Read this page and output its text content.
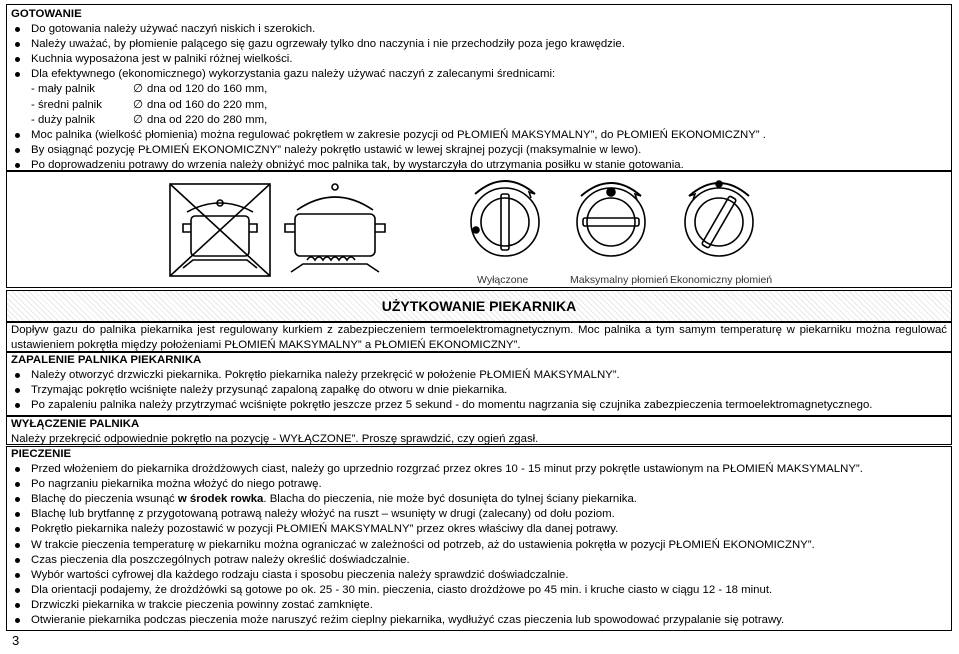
GOTOWANIE
Do gotowania należy używać naczyń niskich i szerokich.
Należy uważać, by płomienie palącego się gazu ogrzewały tylko dno naczynia i nie przechodziły poza jego krawędzie.
Kuchnia wyposażona jest w palniki różnej wielkości.
Dla efektywnego (ekonomicznego) wykorzystania gazu należy używać naczyń z zalecanymi średnicami:
- mały palnik	∅ dna od 120 do 160 mm,
- średni palnik	∅ dna od 160 do 220 mm,
- duży palnik	∅ dna od 220 do 280 mm,
Moc palnika (wielkość płomienia) można regulować pokrętłem w zakresie pozycji od PŁOMIEŃ MAKSYMALNY”, do PŁOMIEŃ EKONOMICZNY” .
By osiągnąć pozycję PŁOMIEŃ EKONOMICZNY” należy pokrętło ustawić w lewej skrajnej pozycji (maksymalnie w lewo).
Po doprowadzeniu potrawy do wrzenia należy obniżyć moc palnika tak, by wystarczyła do utrzymania posiłku w stanie gotowania.
Wyłączone	Maksymalny płomień Ekonomiczny płomień
UŻYTKOWANIE PIEKARNIKA
Dopływ gazu do palnika piekarnika jest regulowany kurkiem z zabezpieczeniem termoelektromagnetycznym. Moc palnika a tym samym temperaturę w piekarniku można regulować ustawieniem pokrętła między położeniami PŁOMIEŃ MAKSYMALNY” a PŁOMIEŃ EKONOMICZNY”.
ZAPALENIE PALNIKA PIEKARNIKA
Należy otworzyć drzwiczki piekarnika. Pokrętło piekarnika należy przekręcić w położenie PŁOMIEŃ MAKSYMALNY”.
Trzymając pokrętło wciśnięte należy przysunąć zapaloną zapałkę do otworu w dnie piekarnika.
Po zapaleniu palnika należy przytrzymać wciśnięte pokrętło jeszcze przez 5 sekund - do momentu nagrzania się czujnika zabezpieczenia termoelektromagnetycznego.
WYŁĄCZENIE PALNIKA
Należy przekręcić odpowiednie pokrętło na pozycję - WYŁĄCZONE”. Proszę sprawdzić, czy ogień zgasł.
PIECZENIE
Przed włożeniem do piekarnika drożdżowych ciast, należy go uprzednio rozgrzać przez okres 10 - 15 minut przy pokrętle ustawionym na PŁOMIEŃ MAKSYMALNY”.
Po nagrzaniu piekarnika można włożyć do niego potrawę.
Blachę do pieczenia wsunąć w środek rowka. Blacha do pieczenia, nie może być dosunięta do tylnej ściany piekarnika.
Blachę lub brytfannę z przygotowaną potrawą należy włożyć na ruszt – wsunięty w drugi (zalecany) od dołu poziom.
Pokrętło piekarnika należy pozostawić w pozycji PŁOMIEŃ MAKSYMALNY” przez okres właściwy dla danej potrawy.
W trakcie pieczenia temperaturę w piekarniku można ograniczać w zależności od potrzeb, aż do ustawienia pokrętła w pozycji PŁOMIEŃ EKONOMICZNY”.
Czas pieczenia dla poszczególnych potraw należy określić doświadczalnie.
Wybór wartości cyfrowej dla każdego rodzaju ciasta i sposobu pieczenia należy sprawdzić doświadczalnie.
Dla orientacji podajemy, że drożdżówki są gotowe po ok. 25 - 30 min. pieczenia, ciasto drożdżowe po 45 min. i kruche ciasto w ciągu 12 - 18 minut.
Drzwiczki piekarnika w trakcie pieczenia powinny zostać zamknięte.
Otwieranie piekarnika podczas pieczenia może naruszyć reżim cieplny piekarnika, wydłużyć czas pieczenia lub spowodować przypalanie się potrawy.
3
